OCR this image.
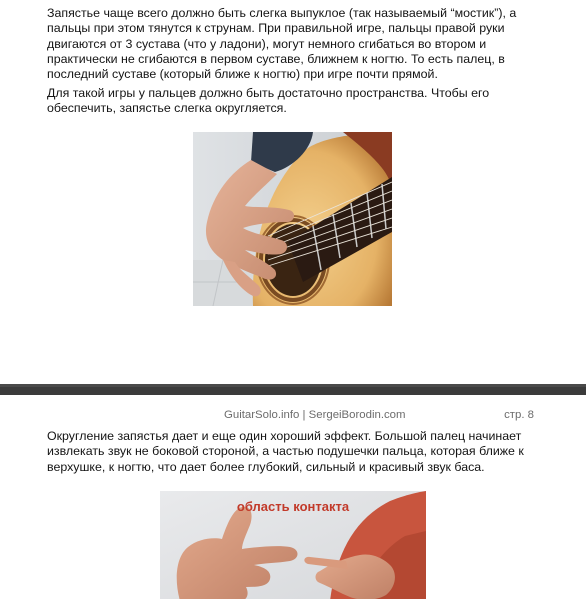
Запястье чаще всего должно быть слегка выпуклое (так называемый “мостик”), а пальцы при этом тянутся к струнам. При правильной игре, пальцы правой руки двигаются от 3 сустава (что у ладони), могут немного сгибаться во втором и практически не сгибаются в первом суставе, ближнем к ногтю. То есть палец, в последний суставе (который ближе к ногтю) при игре почти прямой.

Для такой игры у пальцев должно быть достаточно пространства. Чтобы его обеспечить, запястье слегка округляется.

GuitarSolo.info | SergeiBorodin.com	стр. 8

Округление запястья дает и еще один хороший эффект. Большой палец начинает извлекать звук не боковой стороной, а частью подушечки пальца, которая ближе к верхушке, к ногтю, что дает более глубокий, сильный и красивый звук баса.

область контакта
